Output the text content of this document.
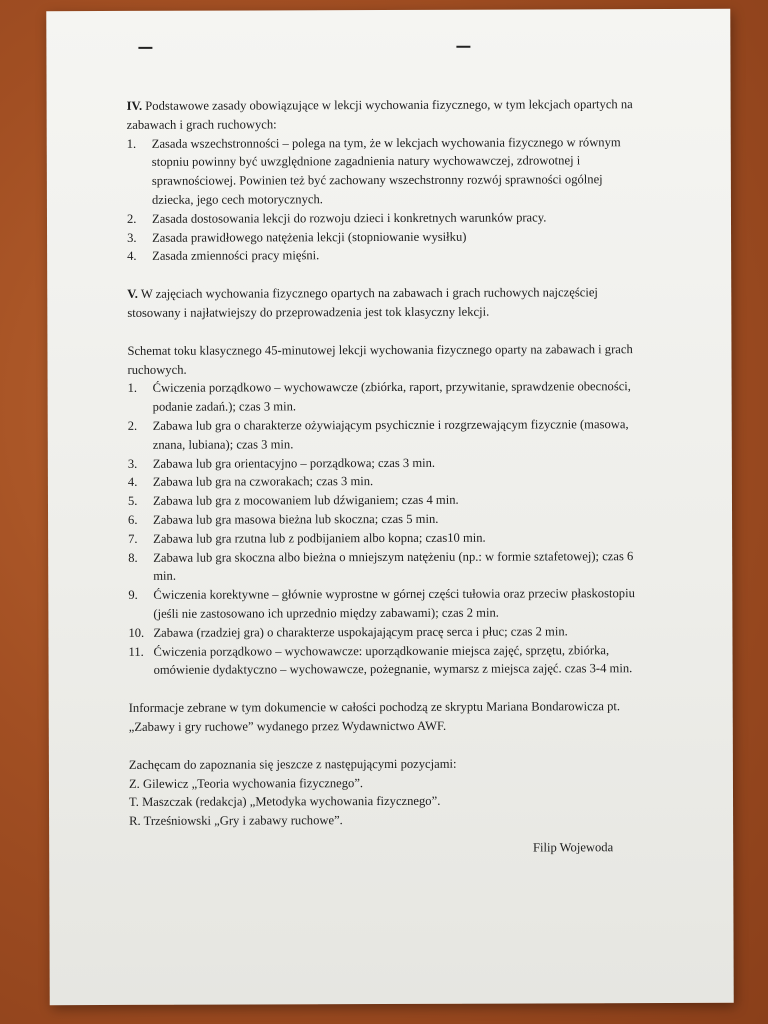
IV. Podstawowe zasady obowiązujące w lekcji wychowania fizycznego, w tym lekcjach opartych na zabawach i grach ruchowych:

1. Zasada wszechstronności – polega na tym, że w lekcjach wychowania fizycznego w równym stopniu powinny być uwzględnione zagadnienia natury wychowawczej, zdrowotnej i sprawnościowej. Powinien też być zachowany wszechstronny rozwój sprawności ogólnej dziecka, jego cech motorycznych.
2. Zasada dostosowania lekcji do rozwoju dzieci i konkretnych warunków pracy.
3. Zasada prawidłowego natężenia lekcji (stopniowanie wysiłku)
4. Zasada zmienności pracy mięśni.

V. W zajęciach wychowania fizycznego opartych na zabawach i grach ruchowych najczęściej stosowany i najłatwiejszy do przeprowadzenia jest tok klasyczny lekcji.

Schemat toku klasycznego 45-minutowej lekcji wychowania fizycznego oparty na zabawach i grach ruchowych.

1. Ćwiczenia porządkowo – wychowawcze (zbiórka, raport, przywitanie, sprawdzenie obecności, podanie zadań.); czas 3 min.
2. Zabawa lub gra o charakterze ożywiającym psychicznie i rozgrzewającym fizycznie (masowa, znana, lubiana); czas 3 min.
3. Zabawa lub gra orientacyjno – porządkowa; czas 3 min.
4. Zabawa lub gra na czworakach; czas 3 min.
5. Zabawa lub gra z mocowaniem lub dźwiganiem; czas 4 min.
6. Zabawa lub gra masowa bieżna lub skoczna; czas 5 min.
7. Zabawa lub gra rzutna lub z podbijaniem albo kopna; czas10 min.
8. Zabawa lub gra skoczna albo bieżna o mniejszym natężeniu (np.: w formie sztafetowej); czas 6 min.
9. Ćwiczenia korektywne – głównie wyprostne w górnej części tułowia oraz przeciw płaskostopiu (jeśli nie zastosowano ich uprzednio między zabawami); czas 2 min.
10. Zabawa (rzadziej gra) o charakterze uspokajającym pracę serca i płuc; czas 2 min.
11. Ćwiczenia porządkowo – wychowawcze: uporządkowanie miejsca zajęć, sprzętu, zbiórka, omówienie dydaktyczno – wychowawcze, pożegnanie, wymarsz z miejsca zajęć. czas 3-4 min.

Informacje zebrane w tym dokumencie w całości pochodzą ze skryptu Mariana Bondarowicza pt. „Zabawy i gry ruchowe” wydanego przez Wydawnictwo AWF.

Zachęcam do zapoznania się jeszcze z następującymi pozycjami:

Z. Gilewicz „Teoria wychowania fizycznego”.

T. Maszczak (redakcja) „Metodyka wychowania fizycznego”.

R. Trześniowski „Gry i zabawy ruchowe”.

Filip Wojewoda
